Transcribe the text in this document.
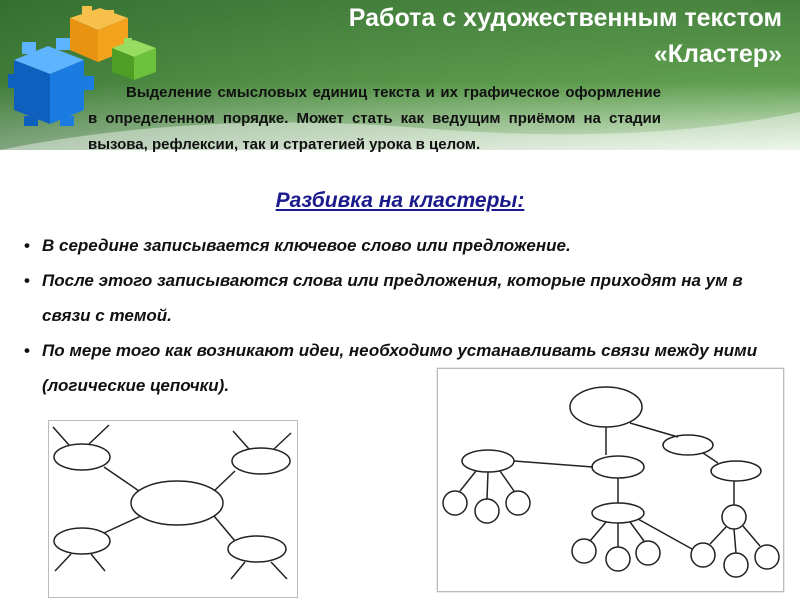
Работа с художественным текстом
«Кластер»
Выделение смысловых единиц текста и их графическое оформление в определенном порядке. Может стать как ведущим приёмом на стадии вызова, рефлексии, так и стратегией урока в целом.
Разбивка на кластеры:
• В середине записывается ключевое слово или предложение.
• После этого записываются слова или предложения, которые приходят на ум в связи с темой.
• По мере того как возникают идеи, необходимо устанавливать связи между ними (логические цепочки).
